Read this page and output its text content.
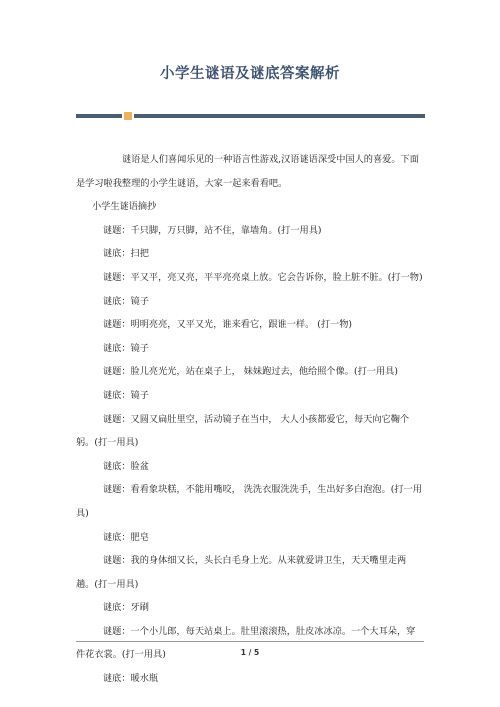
小学生谜语及谜底答案解析

谜语是人们喜闻乐见的一种语言性游戏,汉语谜语深受中国人的喜爱。下面是学习啦我整理的小学生谜语，大家一起来看看吧。

小学生谜语摘抄

谜题：千只脚，万只脚，站不住，靠墙角。(打一用具)

谜底：扫把

谜题：平又平，亮又亮，平平亮亮桌上放。它会告诉你，脸上脏不脏。(打一物)

谜底：镜子

谜题：明明亮亮，又平又光，谁来看它，跟谁一样。 (打一物)

谜底：镜子

谜题：脸儿亮光光，站在桌子上， 妹妹跑过去，他给照个像。(打一用具)

谜底：镜子

谜题：又圆又扁肚里空，活动镜子在当中， 大人小孩都爱它，每天向它鞠个躬。(打一用具)

谜底：脸盆

谜题：看看象块糕，不能用嘴咬， 洗洗衣服洗洗手，生出好多白泡泡。(打一用具)

谜底：肥皂

谜题：我的身体细又长，头长白毛身上光。从来就爱讲卫生，天天嘴里走两趟。(打一用具)

谜底：牙刷

谜题：一个小儿郎，每天站桌上。肚里滚滚热，肚皮冰冰凉。一个大耳朵，穿件花衣裳。(打一用具)

谜底：暖水瓶

1 / 5
